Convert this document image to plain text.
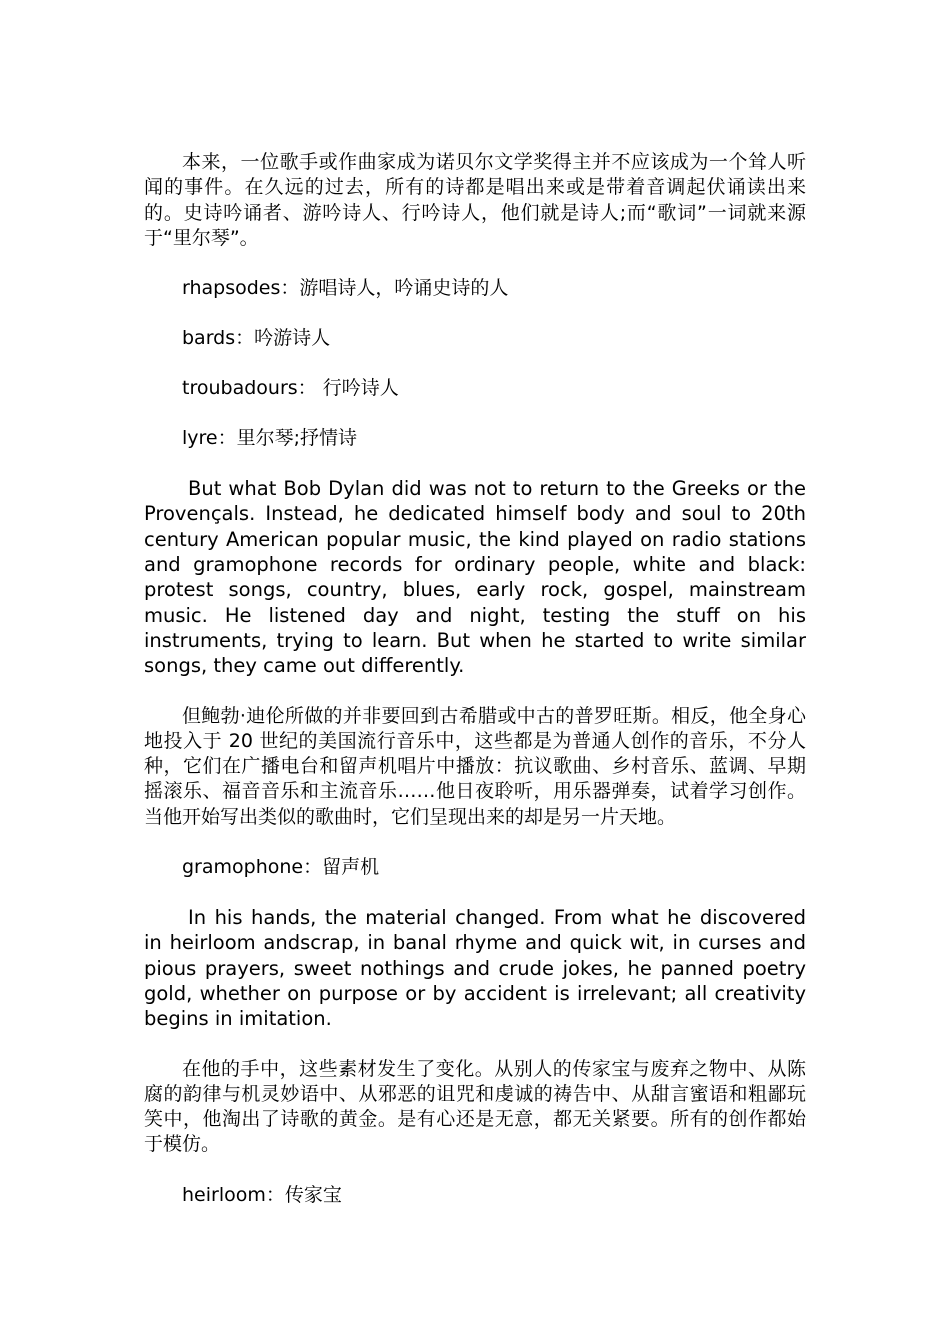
本来，一位歌手或作曲家成为诺贝尔文学奖得主并不应该成为一个耸人听闻的事件。在久远的过去，所有的诗都是唱出来或是带着音调起伏诵读出来的。史诗吟诵者、游吟诗人、行吟诗人，他们就是诗人;而“歌词”一词就来源于“里尔琴”。

rhapsodes：游唱诗人，吟诵史诗的人

bards：吟游诗人

troubadours： 行吟诗人

lyre：里尔琴;抒情诗

But what Bob Dylan did was not to return to the Greeks or the Provençals. Instead, he dedicated himself body and soul to 20th century American popular music, the kind played on radio stations and gramophone records for ordinary people, white and black: protest songs, country, blues, early rock, gospel, mainstream music. He listened day and night, testing the stuff on his instruments, trying to learn. But when he started to write similar songs, they came out differently.

但鲍勃·迪伦所做的并非要回到古希腊或中古的普罗旺斯。相反，他全身心地投入于 20 世纪的美国流行音乐中，这些都是为普通人创作的音乐，不分人种，它们在广播电台和留声机唱片中播放：抗议歌曲、乡村音乐、蓝调、早期摇滚乐、福音音乐和主流音乐……他日夜聆听，用乐器弹奏，试着学习创作。当他开始写出类似的歌曲时，它们呈现出来的却是另一片天地。

gramophone：留声机

In his hands, the material changed. From what he discovered in heirloom andscrap, in banal rhyme and quick wit, in curses and pious prayers, sweet nothings and crude jokes, he panned poetry gold, whether on purpose or by accident is irrelevant; all creativity begins in imitation.

在他的手中，这些素材发生了变化。从别人的传家宝与废弃之物中、从陈腐的韵律与机灵妙语中、从邪恶的诅咒和虔诚的祷告中、从甜言蜜语和粗鄙玩笑中，他淘出了诗歌的黄金。是有心还是无意，都无关紧要。所有的创作都始于模仿。

heirloom：传家宝
